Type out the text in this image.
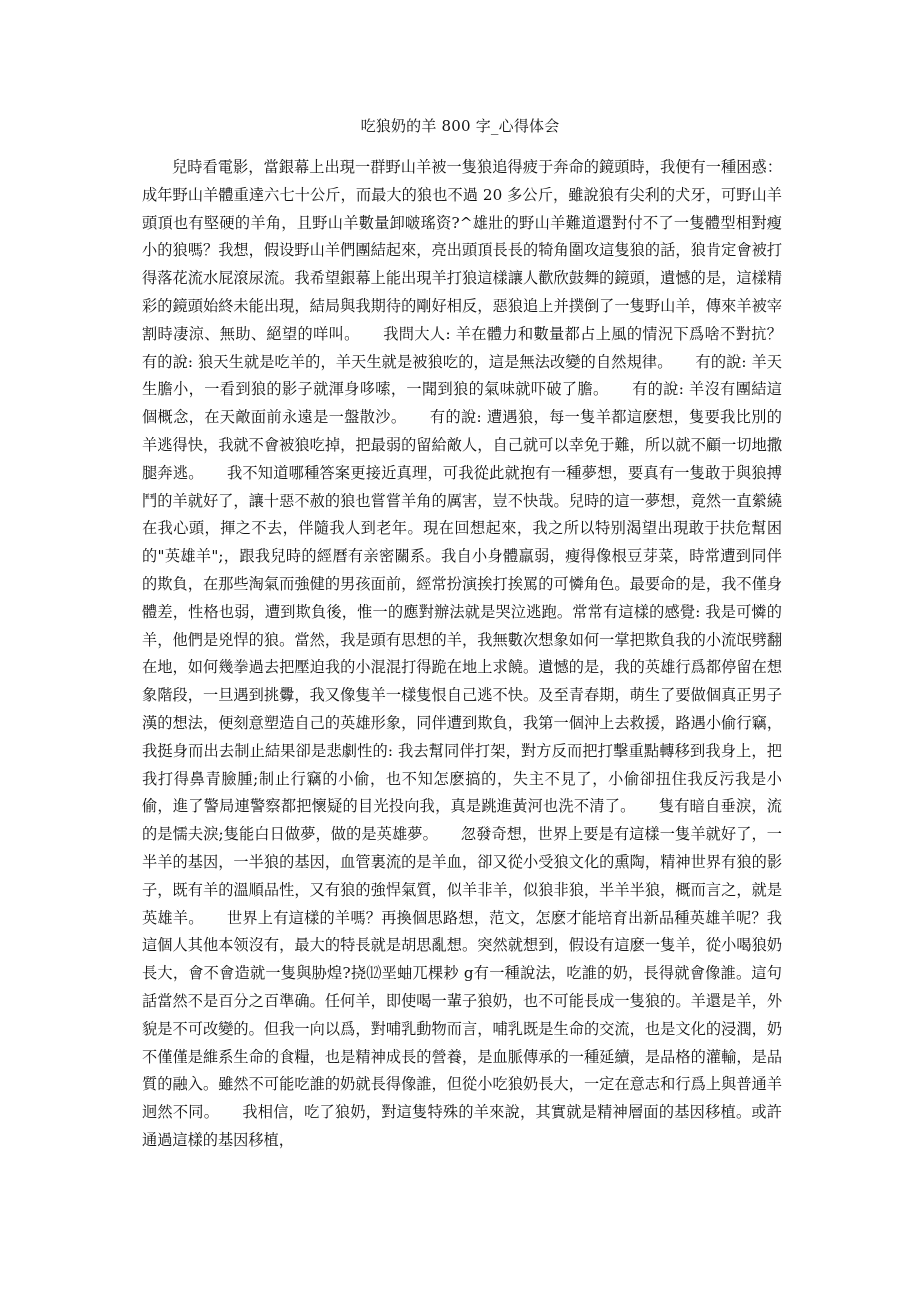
吃狼奶的羊 800 字_心得体会

兒時看電影，當銀幕上出現一群野山羊被一隻狼追得疲于奔命的鏡頭時，我便有一種困惑：成年野山羊體重達六七十公斤，而最大的狼也不過 20 多公斤，雖說狼有尖利的犬牙，可野山羊頭頂也有堅硬的羊角，且野山羊數量卸啵瑤资?^雄壯的野山羊難道還對付不了一隻體型相對瘦小的狼嗎？我想，假设野山羊們團結起來，亮出頭頂長長的犄角圍攻這隻狼的話，狼肯定會被打得落花流水屁滾尿流。我希望銀幕上能出現羊打狼這樣讓人歡欣鼓舞的鏡頭，遺憾的是，這樣精彩的鏡頭始終未能出現，結局與我期待的剛好相反，惡狼追上并撲倒了一隻野山羊，傳來羊被宰割時凄涼、無助、絕望的咩叫。　　我問大人: 羊在體力和數量都占上風的情況下爲啥不對抗？　　有的說: 狼天生就是吃羊的，羊天生就是被狼吃的，這是無法改變的自然規律。　　有的說: 羊天生膽小，一看到狼的影子就渾身哆嗦，一聞到狼的氣味就吓破了膽。　　有的說: 羊沒有團結這個概念，在天敵面前永遠是一盤散沙。　　有的說: 遭遇狼，每一隻羊都這麽想，隻要我比別的羊逃得快，我就不會被狼吃掉，把最弱的留給敵人，自己就可以幸免于難，所以就不顧一切地撒腿奔逃。　　我不知道哪種答案更接近真理，可我從此就抱有一種夢想，要真有一隻敢于與狼搏鬥的羊就好了，讓十惡不赦的狼也嘗嘗羊角的厲害，豈不快哉。兒時的這一夢想，竟然一直縈繞在我心頭，揮之不去，伴隨我人到老年。現在回想起來，我之所以特别渴望出現敢于扶危幫困的"英雄羊";，跟我兒時的經曆有亲密關系。我自小身體羸弱，瘦得像根豆芽菜，時常遭到同伴的欺負，在那些淘氣而強健的男孩面前，經常扮演挨打挨罵的可憐角色。最要命的是，我不僅身體差，性格也弱，遭到欺負後，惟一的應對辦法就是哭泣逃跑。常常有這樣的感覺: 我是可憐的羊，他們是兇悍的狼。當然，我是頭有思想的羊，我無數次想象如何一掌把欺負我的小流氓劈翻在地，如何幾拳過去把壓迫我的小混混打得跪在地上求饒。遺憾的是，我的英雄行爲都停留在想象階段，一旦遇到挑釁，我又像隻羊一樣隻恨自己逃不快。及至青春期，萌生了要做個真正男子漢的想法，便刻意塑造自己的英雄形象，同伴遭到欺負，我第一個沖上去救援，路遇小偷行竊，我挺身而出去制止結果卻是悲劇性的: 我去幫同伴打架，對方反而把打擊重點轉移到我身上，把我打得鼻青臉腫;制止行竊的小偷，也不知怎麽搞的，失主不見了，小偷卻扭住我反污我是小偷，進了警局連警察都把懷疑的目光投向我，真是跳進黃河也洗不清了。　　隻有暗自垂淚，流的是懦夫淚;隻能白日做夢，做的是英雄夢。　　忽發奇想，世界上要是有這樣一隻羊就好了，一半羊的基因，一半狼的基因，血管裏流的是羊血，卻又從小受狼文化的熏陶，精神世界有狼的影子，既有羊的溫順品性，又有狼的強悍氣質，似羊非羊，似狼非狼，半羊半狼，概而言之，就是英雄羊。　　世界上有這樣的羊嗎？再換個思路想，范文，怎麽才能培育出新品種英雄羊呢？我這個人其他本领沒有，最大的特長就是胡思亂想。突然就想到，假设有這麽一隻羊，從小喝狼奶長大，會不會造就一隻與胁煌?挠⑿垩蚰兀棵耖 g有一種說法，吃誰的奶，長得就會像誰。這句話當然不是百分之百準确。任何羊，即使喝一輩子狼奶，也不可能長成一隻狼的。羊還是羊，外貌是不可改變的。但我一向以爲，對哺乳動物而言，哺乳既是生命的交流，也是文化的浸潤，奶不僅僅是維系生命的食糧，也是精神成長的營養，是血脈傳承的一種延續，是品格的灌輸，是品質的融入。雖然不可能吃誰的奶就長得像誰，但從小吃狼奶長大，一定在意志和行爲上與普通羊迥然不同。　　我相信，吃了狼奶，對這隻特殊的羊來說，其實就是精神層面的基因移植。或許通過這樣的基因移植，
